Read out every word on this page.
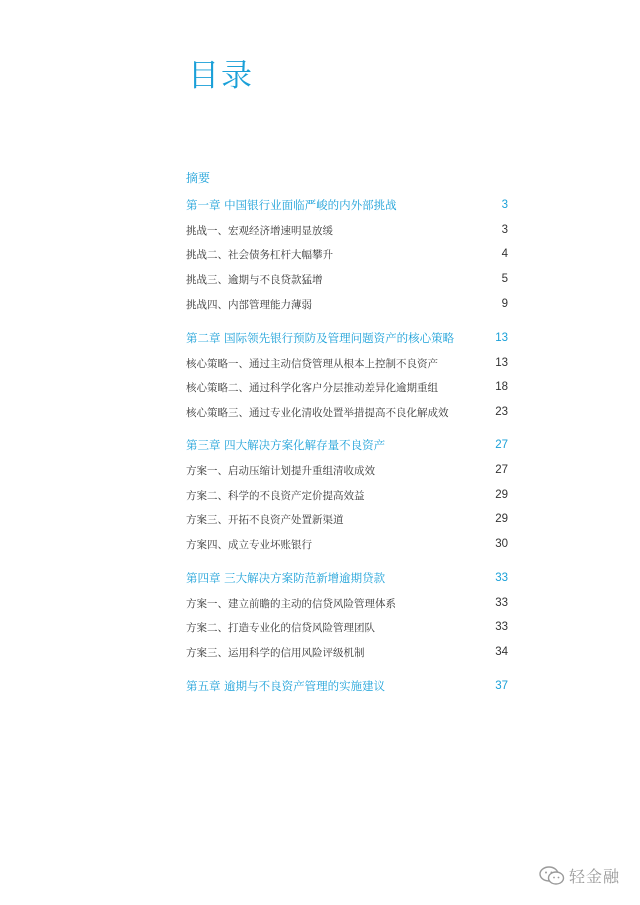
目录
摘要
第一章 中国银行业面临严峻的内外部挑战	3
挑战一、宏观经济增速明显放缓	3
挑战二、社会债务杠杆大幅攀升	4
挑战三、逾期与不良贷款猛增	5
挑战四、内部管理能力薄弱	9
第二章 国际领先银行预防及管理问题资产的核心策略	13
核心策略一、通过主动信贷管理从根本上控制不良资产	13
核心策略二、通过科学化客户分层推动差异化逾期重组	18
核心策略三、通过专业化清收处置举措提高不良化解成效	23
第三章 四大解决方案化解存量不良资产	27
方案一、启动压缩计划提升重组清收成效	27
方案二、科学的不良资产定价提高效益	29
方案三、开拓不良资产处置新渠道	29
方案四、成立专业坏账银行	30
第四章 三大解决方案防范新增逾期贷款	33
方案一、建立前瞻的主动的信贷风险管理体系	33
方案二、打造专业化的信贷风险管理团队	33
方案三、运用科学的信用风险评级机制	34
第五章 逾期与不良资产管理的实施建议	37
轻金融
